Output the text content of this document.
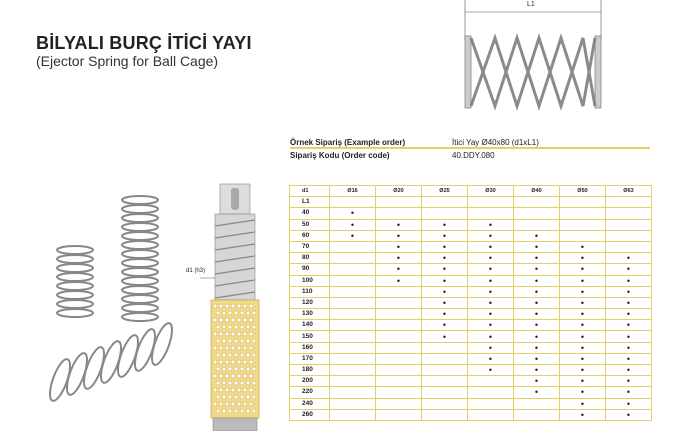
BİLYALI BURÇ İTİCİ YAYI
(Ejector Spring for Ball Cage)
L1
Örnek Sipariş (Example order)	İtici Yay Ø40x80 (d1xL1)
Sipariş Kodu (Order code)	40.DDY.080
d1	Ø16	Ø20	Ø25	Ø30	Ø40	Ø50	Ø63
L1							
40	•						
50	•	•	•	•			
60	•	•	•	•	•		
70		•	•	•	•	•	
80		•	•	•	•	•	•
90		•	•	•	•	•	•
100		•	•	•	•	•	•
110			•	•	•	•	•
120			•	•	•	•	•
130			•	•	•	•	•
140			•	•	•	•	•
150			•	•	•	•	•
160				•	•	•	•
170				•	•	•	•
180				•	•	•	•
200					•	•	•
220					•	•	•
240						•	•
260						•	•
d1 (h3)
